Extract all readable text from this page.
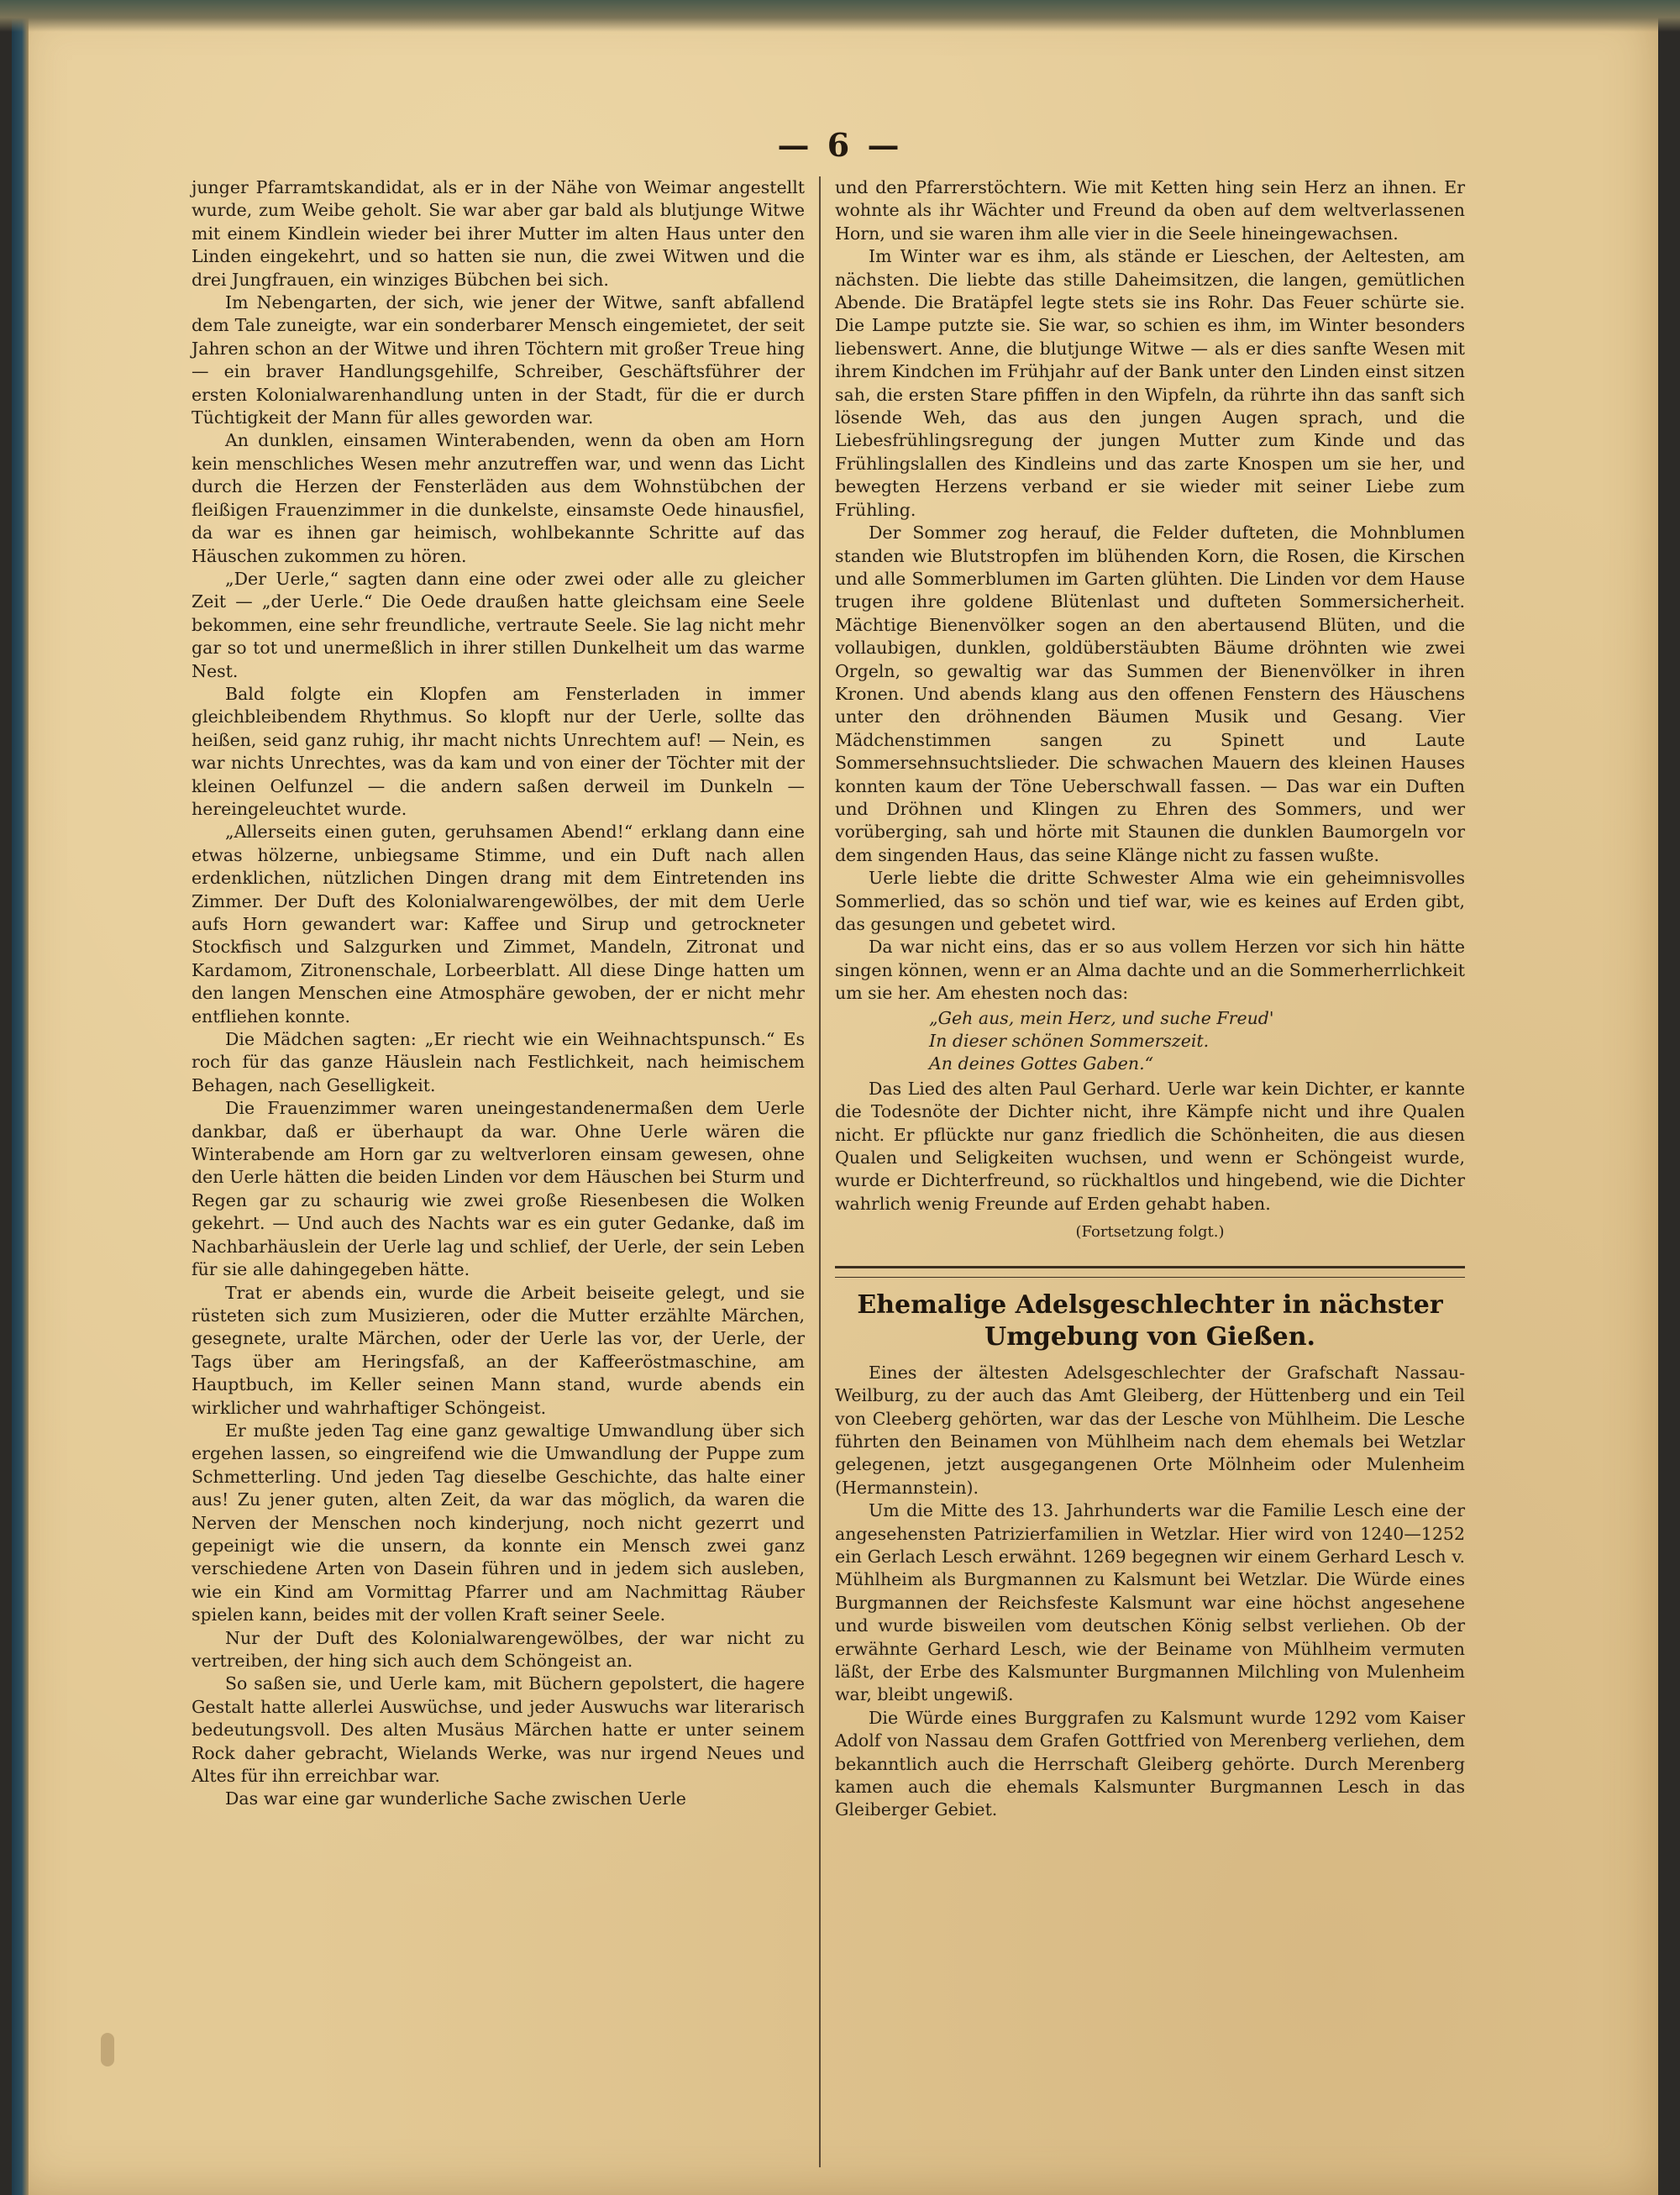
— 6 —

junger Pfarramtskandidat, als er in der Nähe von Weimar angestellt wurde, zum Weibe geholt. Sie war aber gar bald als blutjunge Witwe mit einem Kindlein wieder bei ihrer Mutter im alten Haus unter den Linden eingekehrt, und so hatten sie nun, die zwei Witwen und die drei Jungfrauen, ein winziges Bübchen bei sich.

Im Nebengarten, der sich, wie jener der Witwe, sanft abfallend dem Tale zuneigte, war ein sonderbarer Mensch eingemietet, der seit Jahren schon an der Witwe und ihren Töchtern mit großer Treue hing — ein braver Handlungsgehilfe, Schreiber, Geschäftsführer der ersten Kolonialwarenhandlung unten in der Stadt, für die er durch Tüchtigkeit der Mann für alles geworden war.

An dunklen, einsamen Winterabenden, wenn da oben am Horn kein menschliches Wesen mehr anzutreffen war, und wenn das Licht durch die Herzen der Fensterläden aus dem Wohnstübchen der fleißigen Frauenzimmer in die dunkelste, einsamste Oede hinausfiel, da war es ihnen gar heimisch, wohlbekannte Schritte auf das Häuschen zukommen zu hören.

„Der Uerle,“ sagten dann eine oder zwei oder alle zu gleicher Zeit — „der Uerle.“ Die Oede draußen hatte gleichsam eine Seele bekommen, eine sehr freundliche, vertraute Seele. Sie lag nicht mehr gar so tot und unermeßlich in ihrer stillen Dunkelheit um das warme Nest.

Bald folgte ein Klopfen am Fensterladen in immer gleichbleibendem Rhythmus. So klopft nur der Uerle, sollte das heißen, seid ganz ruhig, ihr macht nichts Unrechtem auf! — Nein, es war nichts Unrechtes, was da kam und von einer der Töchter mit der kleinen Oelfunzel — die andern saßen derweil im Dunkeln — hereingeleuchtet wurde.

„Allerseits einen guten, geruhsamen Abend!“ erklang dann eine etwas hölzerne, unbiegsame Stimme, und ein Duft nach allen erdenklichen, nützlichen Dingen drang mit dem Eintretenden ins Zimmer. Der Duft des Kolonialwarengewölbes, der mit dem Uerle aufs Horn gewandert war: Kaffee und Sirup und getrockneter Stockfisch und Salzgurken und Zimmet, Mandeln, Zitronat und Kardamom, Zitronenschale, Lorbeerblatt. All diese Dinge hatten um den langen Menschen eine Atmosphäre gewoben, der er nicht mehr entfliehen konnte.

Die Mädchen sagten: „Er riecht wie ein Weihnachtspunsch.“ Es roch für das ganze Häuslein nach Festlichkeit, nach heimischem Behagen, nach Geselligkeit.

Die Frauenzimmer waren uneingestandenermaßen dem Uerle dankbar, daß er überhaupt da war. Ohne Uerle wären die Winterabende am Horn gar zu weltverloren einsam gewesen, ohne den Uerle hätten die beiden Linden vor dem Häuschen bei Sturm und Regen gar zu schaurig wie zwei große Riesenbesen die Wolken gekehrt. — Und auch des Nachts war es ein guter Gedanke, daß im Nachbarhäuslein der Uerle lag und schlief, der Uerle, der sein Leben für sie alle dahingegeben hätte.

Trat er abends ein, wurde die Arbeit beiseite gelegt, und sie rüsteten sich zum Musizieren, oder die Mutter erzählte Märchen, gesegnete, uralte Märchen, oder der Uerle las vor, der Uerle, der Tags über am Heringsfaß, an der Kaffeeröstmaschine, am Hauptbuch, im Keller seinen Mann stand, wurde abends ein wirklicher und wahrhaftiger Schöngeist.

Er mußte jeden Tag eine ganz gewaltige Umwandlung über sich ergehen lassen, so eingreifend wie die Umwandlung der Puppe zum Schmetterling. Und jeden Tag dieselbe Geschichte, das halte einer aus! Zu jener guten, alten Zeit, da war das möglich, da waren die Nerven der Menschen noch kinderjung, noch nicht gezerrt und gepeinigt wie die unsern, da konnte ein Mensch zwei ganz verschiedene Arten von Dasein führen und in jedem sich ausleben, wie ein Kind am Vormittag Pfarrer und am Nachmittag Räuber spielen kann, beides mit der vollen Kraft seiner Seele.

Nur der Duft des Kolonialwarengewölbes, der war nicht zu vertreiben, der hing sich auch dem Schöngeist an.

So saßen sie, und Uerle kam, mit Büchern gepolstert, die hagere Gestalt hatte allerlei Auswüchse, und jeder Auswuchs war literarisch bedeutungsvoll. Des alten Musäus Märchen hatte er unter seinem Rock daher gebracht, Wielands Werke, was nur irgend Neues und Altes für ihn erreichbar war.

Das war eine gar wunderliche Sache zwischen Uerle

und den Pfarrerstöchtern. Wie mit Ketten hing sein Herz an ihnen. Er wohnte als ihr Wächter und Freund da oben auf dem weltverlassenen Horn, und sie waren ihm alle vier in die Seele hineingewachsen.

Im Winter war es ihm, als stände er Lieschen, der Aeltesten, am nächsten. Die liebte das stille Daheimsitzen, die langen, gemütlichen Abende. Die Bratäpfel legte stets sie ins Rohr. Das Feuer schürte sie. Die Lampe putzte sie. Sie war, so schien es ihm, im Winter besonders liebenswert. Anne, die blutjunge Witwe — als er dies sanfte Wesen mit ihrem Kindchen im Frühjahr auf der Bank unter den Linden einst sitzen sah, die ersten Stare pfiffen in den Wipfeln, da rührte ihn das sanft sich lösende Weh, das aus den jungen Augen sprach, und die Liebesfrühlingsregung der jungen Mutter zum Kinde und das Frühlingslallen des Kindleins und das zarte Knospen um sie her, und bewegten Herzens verband er sie wieder mit seiner Liebe zum Frühling.

Der Sommer zog herauf, die Felder dufteten, die Mohnblumen standen wie Blutstropfen im blühenden Korn, die Rosen, die Kirschen und alle Sommerblumen im Garten glühten. Die Linden vor dem Hause trugen ihre goldene Blütenlast und dufteten Sommersicherheit. Mächtige Bienenvölker sogen an den abertausend Blüten, und die vollaubigen, dunklen, goldüberstäubten Bäume dröhnten wie zwei Orgeln, so gewaltig war das Summen der Bienenvölker in ihren Kronen. Und abends klang aus den offenen Fenstern des Häuschens unter den dröhnenden Bäumen Musik und Gesang. Vier Mädchenstimmen sangen zu Spinett und Laute Sommersehnsuchtslieder. Die schwachen Mauern des kleinen Hauses konnten kaum der Töne Ueberschwall fassen. — Das war ein Duften und Dröhnen und Klingen zu Ehren des Sommers, und wer vorüberging, sah und hörte mit Staunen die dunklen Baumorgeln vor dem singenden Haus, das seine Klänge nicht zu fassen wußte.

Uerle liebte die dritte Schwester Alma wie ein geheimnisvolles Sommerlied, das so schön und tief war, wie es keines auf Erden gibt, das gesungen und gebetet wird.

Da war nicht eins, das er so aus vollem Herzen vor sich hin hätte singen können, wenn er an Alma dachte und an die Sommerherrlichkeit um sie her. Am ehesten noch das:

„Geh aus, mein Herz, und suche Freud'
In dieser schönen Sommerszeit.
An deines Gottes Gaben.“

Das Lied des alten Paul Gerhard. Uerle war kein Dichter, er kannte die Todesnöte der Dichter nicht, ihre Kämpfe nicht und ihre Qualen nicht. Er pflückte nur ganz friedlich die Schönheiten, die aus diesen Qualen und Seligkeiten wuchsen, und wenn er Schöngeist wurde, wurde er Dichterfreund, so rückhaltlos und hingebend, wie die Dichter wahrlich wenig Freunde auf Erden gehabt haben.

(Fortsetzung folgt.)

Ehemalige Adelsgeschlechter in nächster Umgebung von Gießen.

Eines der ältesten Adelsgeschlechter der Grafschaft Nassau-Weilburg, zu der auch das Amt Gleiberg, der Hüttenberg und ein Teil von Cleeberg gehörten, war das der Lesche von Mühlheim. Die Lesche führten den Beinamen von Mühlheim nach dem ehemals bei Wetzlar gelegenen, jetzt ausgegangenen Orte Mölnheim oder Mulenheim (Hermannstein).

Um die Mitte des 13. Jahrhunderts war die Familie Lesch eine der angesehensten Patrizierfamilien in Wetzlar. Hier wird von 1240—1252 ein Gerlach Lesch erwähnt. 1269 begegnen wir einem Gerhard Lesch v. Mühlheim als Burgmannen zu Kalsmunt bei Wetzlar. Die Würde eines Burgmannen der Reichsfeste Kalsmunt war eine höchst angesehene und wurde bisweilen vom deutschen König selbst verliehen. Ob der erwähnte Gerhard Lesch, wie der Beiname von Mühlheim vermuten läßt, der Erbe des Kalsmunter Burgmannen Milchling von Mulenheim war, bleibt ungewiß.

Die Würde eines Burggrafen zu Kalsmunt wurde 1292 vom Kaiser Adolf von Nassau dem Grafen Gottfried von Merenberg verliehen, dem bekanntlich auch die Herrschaft Gleiberg gehörte. Durch Merenberg kamen auch die ehemals Kalsmunter Burgmannen Lesch in das Gleiberger Gebiet.
